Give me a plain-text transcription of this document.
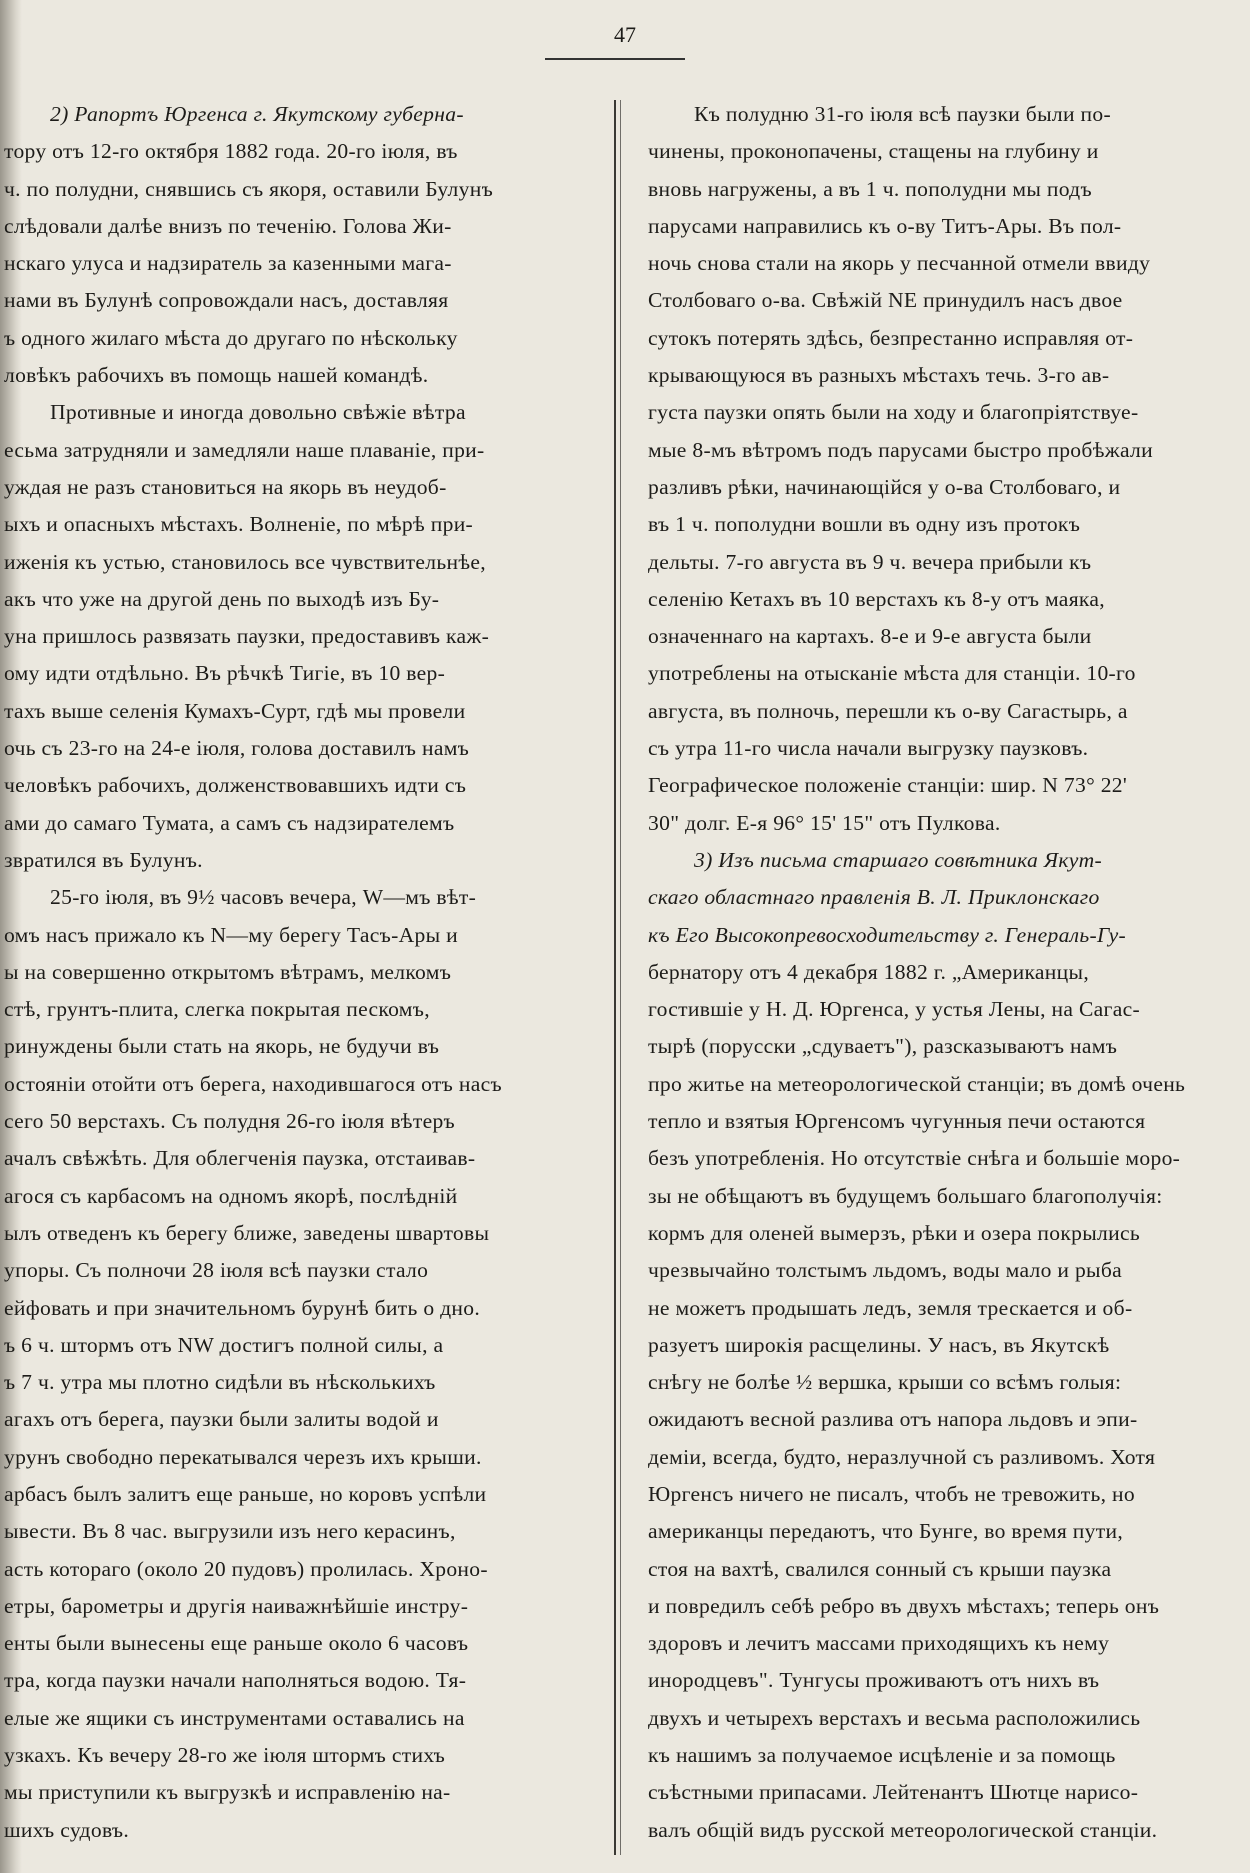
47
2) Рапортъ Юргенса г. Якутскому губерна-
тору отъ 12-го октября 1882 года. 20-го іюля, въ
ч. по полудни, снявшись съ якоря, оставили Булунъ
слѣдовали далѣе внизъ по теченію. Голова Жи-
нскаго улуса и надзиратель за казенными мага-
нами въ Булунѣ сопровождали насъ, доставляя
ъ одного жилаго мѣста до другаго по нѣскольку
ловѣкъ рабочихъ въ помощь нашей командѣ.
Противные и иногда довольно свѣжіе вѣтра
есьма затрудняли и замедляли наше плаваніе, при-
уждая не разъ становиться на якорь въ неудоб-
ыхъ и опасныхъ мѣстахъ. Волненіе, по мѣрѣ при-
иженія къ устью, становилось все чувствительнѣе,
акъ что уже на другой день по выходѣ изъ Бу-
уна пришлось развязать паузки, предоставивъ каж-
ому идти отдѣльно. Въ рѣчкѣ Тигіе, въ 10 вер-
тахъ выше селенія Кумахъ-Сурт, гдѣ мы провели
очь съ 23-го на 24-е іюля, голова доставилъ намъ
человѣкъ рабочихъ, долженствовавшихъ идти съ
ами до самаго Тумата, а самъ съ надзирателемъ
звратился въ Булунъ.
25-го іюля, въ 9½ часовъ вечера, W—мъ вѣт-
омъ насъ прижало къ N—му берегу Тасъ-Ары и
ы на совершенно открытомъ вѣтрамъ, мелкомъ
стѣ, грунтъ-плита, слегка покрытая пескомъ,
ринуждены были стать на якорь, не будучи въ
остояніи отойти отъ берега, находившагося отъ насъ
сего 50 верстахъ. Съ полудня 26-го іюля вѣтеръ
ачалъ свѣжѣть. Для облегченія паузка, отстаивав-
агося съ карбасомъ на одномъ якорѣ, послѣдній
ылъ отведенъ къ берегу ближе, заведены швартовы
упоры. Съ полночи 28 іюля всѣ паузки стало
ейфовать и при значительномъ бурунѣ бить о дно.
ъ 6 ч. штормъ отъ NW достигъ полной силы, а
ъ 7 ч. утра мы плотно сидѣли въ нѣсколькихъ
агахъ отъ берега, паузки были залиты водой и
урунъ свободно перекатывался черезъ ихъ крыши.
арбасъ былъ залитъ еще раньше, но коровъ успѣли
ывести. Въ 8 час. выгрузили изъ него керасинъ,
асть котораго (около 20 пудовъ) пролилась. Хроно-
етры, барометры и другія наиважнѣйшіе инстру-
енты были вынесены еще раньше около 6 часовъ
тра, когда паузки начали наполняться водою. Тя-
елые же ящики съ инструментами оставались на
узкахъ. Къ вечеру 28-го же іюля штормъ стихъ
мы приступили къ выгрузкѣ и исправленію на-
шихъ судовъ.
Къ полудню 31-го іюля всѣ паузки были по-
чинены, проконопачены, стащены на глубину и
вновь нагружены, а въ 1 ч. пополудни мы подъ
парусами направились къ о-ву Титъ-Ары. Въ пол-
ночь снова стали на якорь у песчанной отмели ввиду
Столбоваго о-ва. Свѣжій NE принудилъ насъ двое
сутокъ потерять здѣсь, безпрестанно исправляя от-
крывающуюся въ разныхъ мѣстахъ течь. 3-го ав-
густа паузки опять были на ходу и благопріятствуе-
мые 8-мъ вѣтромъ подъ парусами быстро пробѣжали
разливъ рѣки, начинающійся у о-ва Столбоваго, и
въ 1 ч. пополудни вошли въ одну изъ протокъ
дельты. 7-го августа въ 9 ч. вечера прибыли къ
селенію Кетахъ въ 10 верстахъ къ 8-у отъ маяка,
означеннаго на картахъ. 8-е и 9-е августа были
употреблены на отысканіе мѣста для станціи. 10-го
августа, въ полночь, перешли къ о-ву Сагастырь, а
съ утра 11-го числа начали выгрузку паузковъ.
Географическое положеніе станціи: шир. N 73° 22'
30" долг. E-я 96° 15' 15" отъ Пулкова.
3) Изъ письма старшаго совѣтника Якут-
скаго областнаго правленія В. Л. Приклонскаго
къ Его Высокопревосходительству г. Генераль-Гу-
бернатору отъ 4 декабря 1882 г. „Американцы,
гостившіе у Н. Д. Юргенса, у устья Лены, на Сагас-
тырѣ (порусски „сдуваетъ"), разсказываютъ намъ
про житье на метеорологической станціи; въ домѣ очень
тепло и взятыя Юргенсомъ чугунныя печи остаются
безъ употребленія. Но отсутствіе снѣга и большіе моро-
зы не обѣщаютъ въ будущемъ большаго благополучія:
кормъ для оленей вымерзъ, рѣки и озера покрылись
чрезвычайно толстымъ льдомъ, воды мало и рыба
не можетъ продышать ледъ, земля трескается и об-
разуетъ широкія расщелины. У насъ, въ Якутскѣ
снѣгу не болѣе ½ вершка, крыши со всѣмъ голыя:
ожидаютъ весной разлива отъ напора льдовъ и эпи-
деміи, всегда, будто, неразлучной съ разливомъ. Хотя
Юргенсъ ничего не писалъ, чтобъ не тревожить, но
американцы передаютъ, что Бунге, во время пути,
стоя на вахтѣ, свалился сонный съ крыши паузка
и повредилъ себѣ ребро въ двухъ мѣстахъ; теперь онъ
здоровъ и лечитъ массами приходящихъ къ нему
инородцевъ". Тунгусы проживаютъ отъ нихъ въ
двухъ и четырехъ верстахъ и весьма расположились
къ нашимъ за получаемое исцѣленіе и за помощь
съѣстными припасами. Лейтенантъ Шютце нарисо-
валъ общій видъ русской метеорологической станціи.
